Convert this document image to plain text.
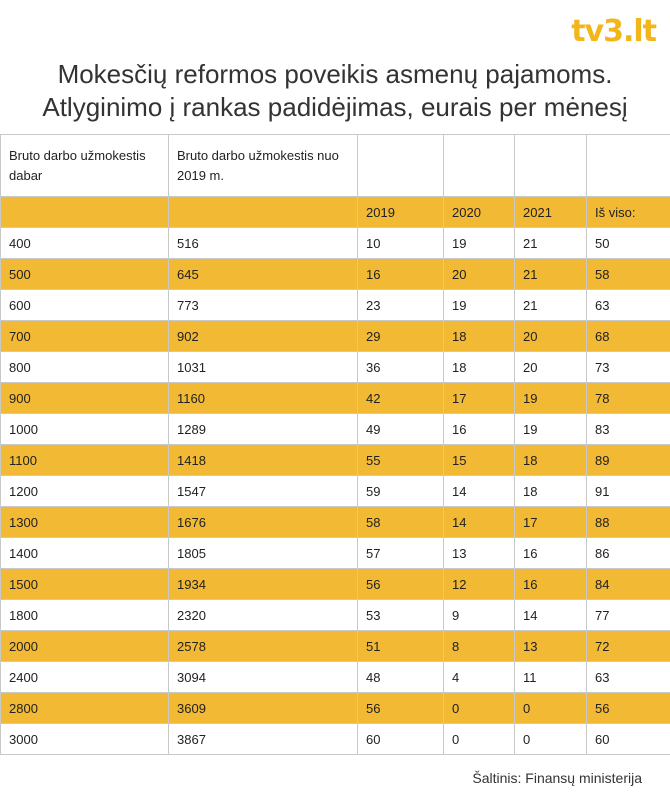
tv3.lt
Mokesčių reformos poveikis asmenų pajamoms.
Atlyginimo į rankas padidėjimas, eurais per mėnesį
Bruto darbo užmokestis dabar	Bruto darbo užmokestis nuo 2019 m.				
		2019	2020	2021	Iš viso:
400	516	10	19	21	50
500	645	16	20	21	58
600	773	23	19	21	63
700	902	29	18	20	68
800	1031	36	18	20	73
900	1160	42	17	19	78
1000	1289	49	16	19	83
1100	1418	55	15	18	89
1200	1547	59	14	18	91
1300	1676	58	14	17	88
1400	1805	57	13	16	86
1500	1934	56	12	16	84
1800	2320	53	9	14	77
2000	2578	51	8	13	72
2400	3094	48	4	11	63
2800	3609	56	0	0	56
3000	3867	60	0	0	60
Šaltinis: Finansų ministerija
